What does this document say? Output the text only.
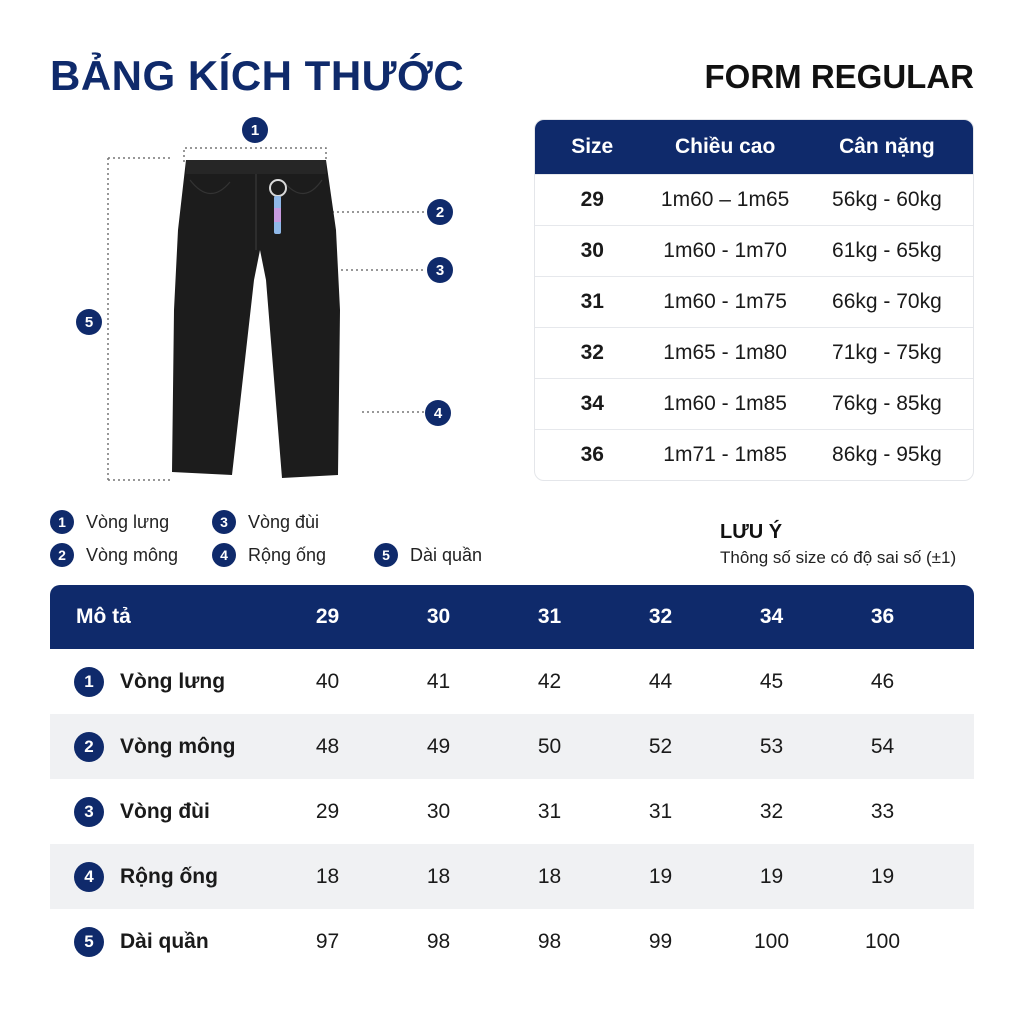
BẢNG KÍCH THƯỚC	FORM REGULAR
1
2
3
4
5
Size	Chiều cao	Cân nặng
29	1m60 – 1m65	56kg - 60kg
30	1m60 - 1m70	61kg - 65kg
31	1m60 - 1m75	66kg - 70kg
32	1m65 - 1m80	71kg - 75kg
34	1m60 - 1m85	76kg - 85kg
36	1m71 - 1m85	86kg - 95kg
1	Vòng lưng	3	Vòng đùi
2	Vòng mông	4	Rộng ống	5	Dài quần
LƯU Ý
Thông số size có độ sai số (±1)
Mô tả	29	30	31	32	34	36
1	Vòng lưng	40	41	42	44	45	46
2	Vòng mông	48	49	50	52	53	54
3	Vòng đùi	29	30	31	31	32	33
4	Rộng ống	18	18	18	19	19	19
5	Dài quần	97	98	98	99	100	100
